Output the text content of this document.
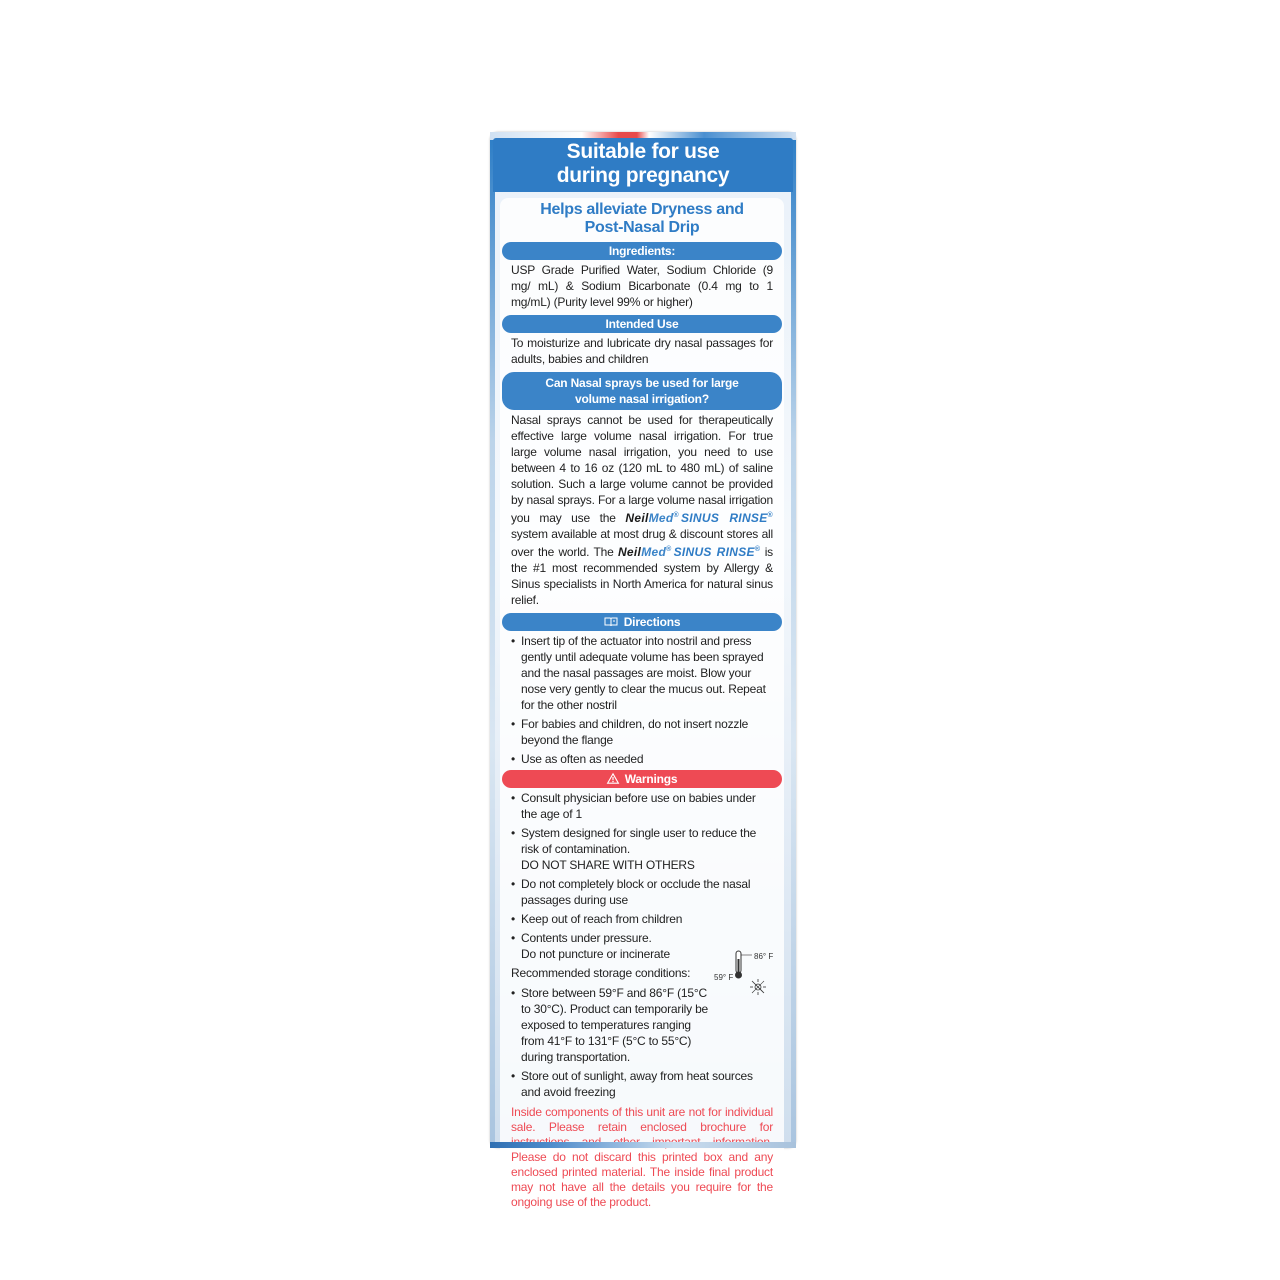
Suitable for use
during pregnancy
Helps alleviate Dryness and
Post-Nasal Drip
Ingredients:
USP Grade Purified Water, Sodium Chloride (9 mg/ mL) & Sodium Bicarbonate (0.4 mg to 1 mg/mL) (Purity level 99% or higher)
Intended Use
To moisturize and lubricate dry nasal passages for adults, babies and children
Can Nasal sprays be used for large
volume nasal irrigation?
Nasal sprays cannot be used for therapeutically effective large volume nasal irrigation. For true large volume nasal irrigation, you need to use between 4 to 16 oz (120 mL to 480 mL) of saline solution. Such a large volume cannot be provided by nasal sprays. For a large volume nasal irrigation you may use the NeilMed® SINUS RINSE® system available at most drug & discount stores all over the world. The NeilMed® SINUS RINSE® is the #1 most recommended system by Allergy & Sinus specialists in North America for natural sinus relief.
Directions
• Insert tip of the actuator into nostril and press gently until adequate volume has been sprayed and the nasal passages are moist. Blow your nose very gently to clear the mucus out. Repeat for the other nostril
• For babies and children, do not insert nozzle beyond the flange
• Use as often as needed
Warnings
• Consult physician before use on babies under the age of 1
• System designed for single user to reduce the risk of contamination.
DO NOT SHARE WITH OTHERS
• Do not completely block or occlude the nasal passages during use
• Keep out of reach from children
• Contents under pressure.
Do not puncture or incinerate
Recommended storage conditions:
86° F
59° F
• Store between 59°F and 86°F (15°C to 30°C). Product can temporarily be exposed to temperatures ranging from 41°F to 131°F (5°C to 55°C) during transportation.
• Store out of sunlight, away from heat sources and avoid freezing
Inside components of this unit are not for individual sale. Please retain enclosed brochure for Please do not discard this printed box and any enclosed printed material. The inside final product may not have all the details you require for the ongoing use of the product.
